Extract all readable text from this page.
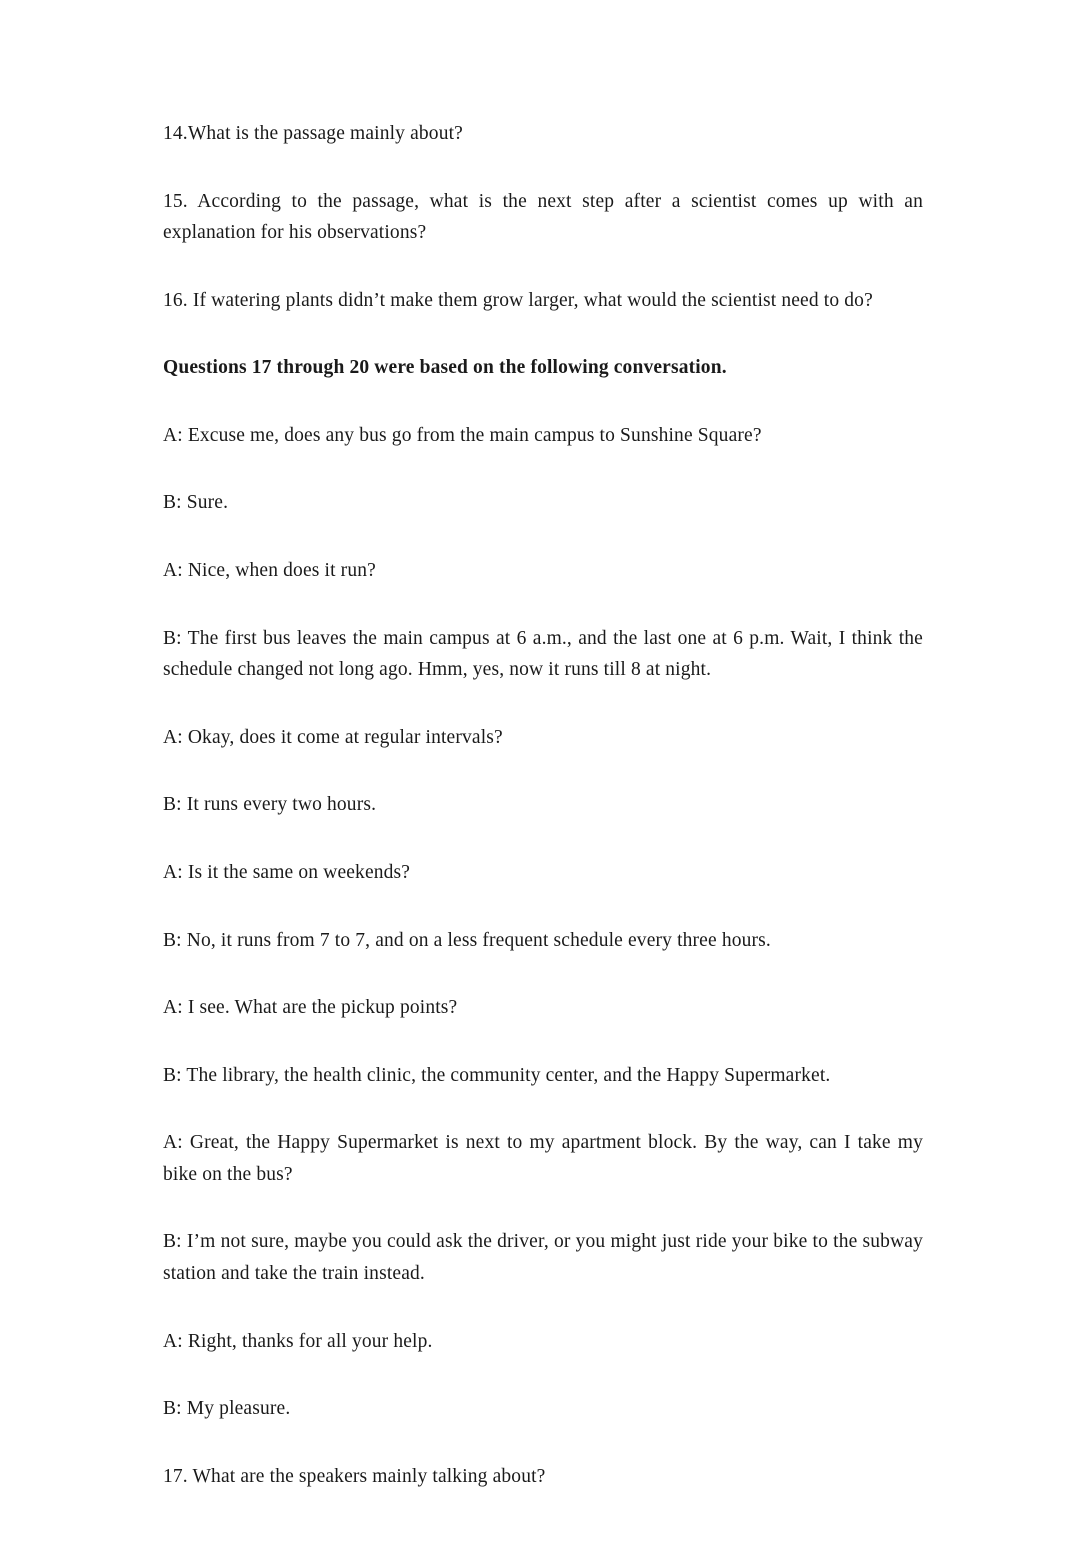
14.What is the passage mainly about?

15. According to the passage, what is the next step after a scientist comes up with an explanation for his observations?

16. If watering plants didn’t make them grow larger, what would the scientist need to do?

Questions 17 through 20 were based on the following conversation.

A: Excuse me, does any bus go from the main campus to Sunshine Square?

B: Sure.

A: Nice, when does it run?

B: The first bus leaves the main campus at 6 a.m., and the last one at 6 p.m. Wait, I think the schedule changed not long ago. Hmm, yes, now it runs till 8 at night.

A: Okay, does it come at regular intervals?

B: It runs every two hours.

A: Is it the same on weekends?

B: No, it runs from 7 to 7, and on a less frequent schedule every three hours.

A: I see. What are the pickup points?

B: The library, the health clinic, the community center, and the Happy Supermarket.

A: Great, the Happy Supermarket is next to my apartment block. By the way, can I take my bike on the bus?

B: I’m not sure, maybe you could ask the driver, or you might just ride your bike to the subway station and take the train instead.

A: Right, thanks for all your help.

B: My pleasure.

17. What are the speakers mainly talking about?
